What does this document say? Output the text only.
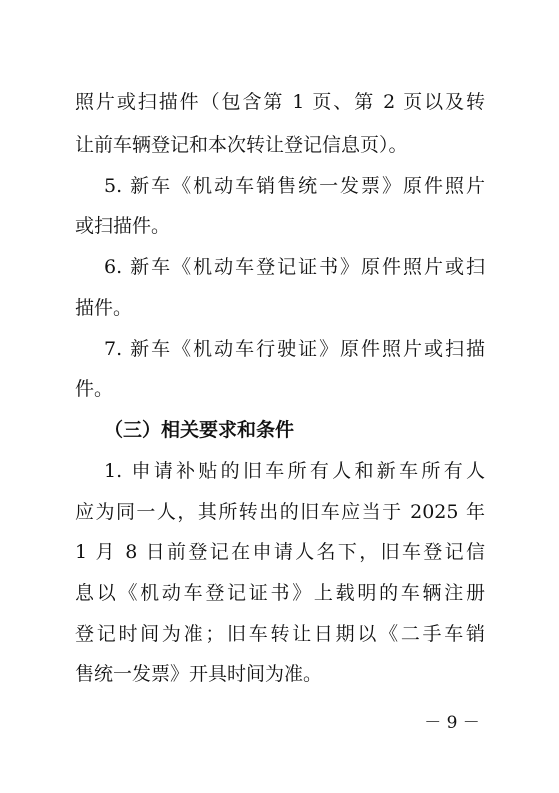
照片或扫描件（包含第 1 页、第 2 页以及转
让前车辆登记和本次转让登记信息页）。
5. 新车《机动车销售统一发票》原件照片
或扫描件。
6. 新车《机动车登记证书》原件照片或扫
描件。
7. 新车《机动车行驶证》原件照片或扫描
件。
（三）相关要求和条件
1. 申请补贴的旧车所有人和新车所有人
应为同一人，其所转出的旧车应当于 2025 年
1 月 8 日前登记在申请人名下，旧车登记信
息以《机动车登记证书》上载明的车辆注册
登记时间为准；旧车转让日期以《二手车销
售统一发票》开具时间为准。
－ 9 －
